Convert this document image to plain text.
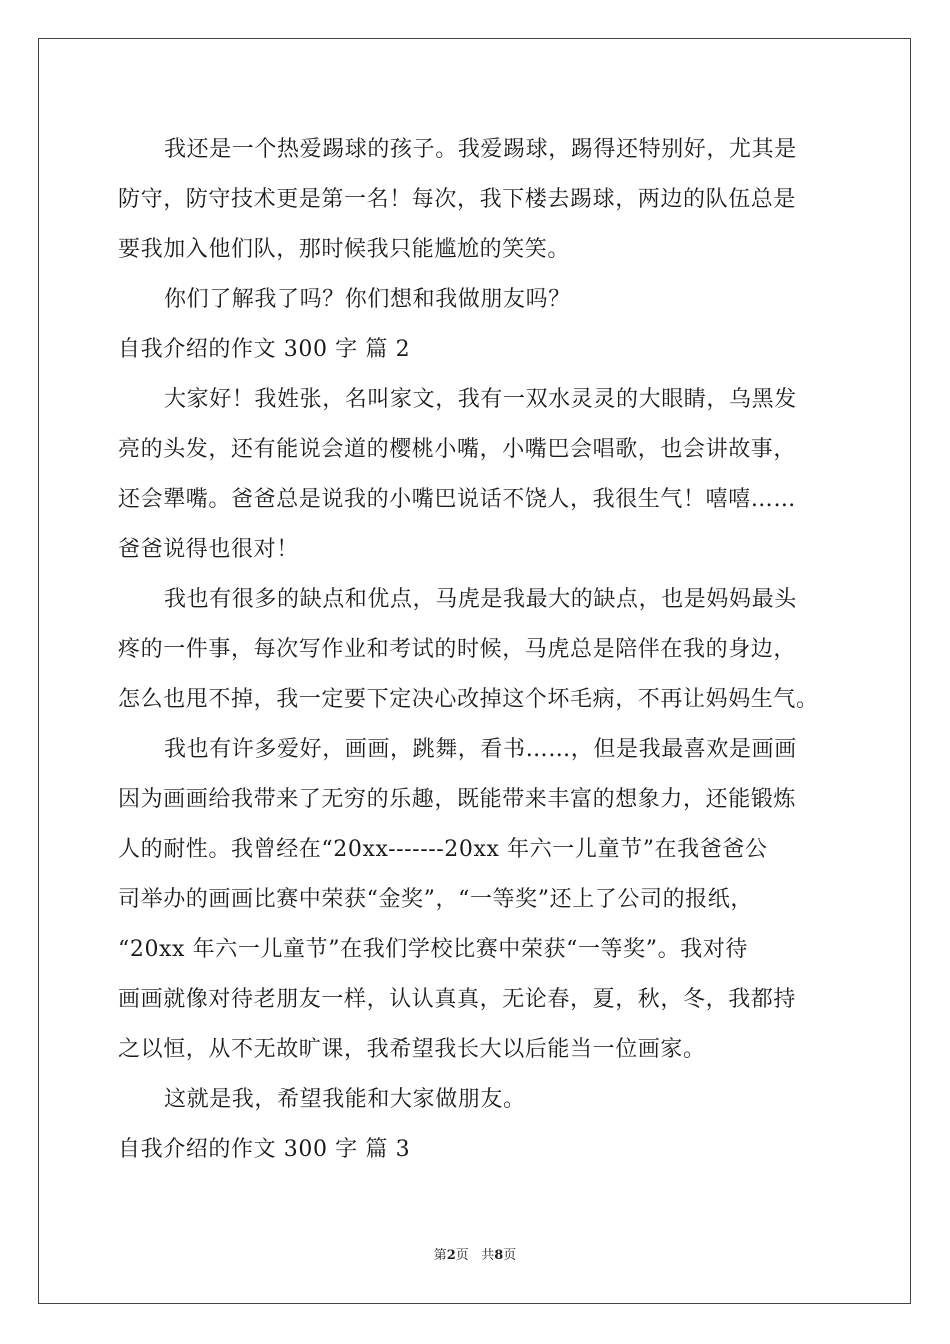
我还是一个热爱踢球的孩子。我爱踢球，踢得还特别好，尤其是
防守，防守技术更是第一名！每次，我下楼去踢球，两边的队伍总是
要我加入他们队，那时候我只能尴尬的笑笑。
你们了解我了吗？你们想和我做朋友吗？
自我介绍的作文 300 字 篇 2
大家好！我姓张，名叫家文，我有一双水灵灵的大眼睛，乌黑发
亮的头发，还有能说会道的樱桃小嘴，小嘴巴会唱歌，也会讲故事，
还会犟嘴。爸爸总是说我的小嘴巴说话不饶人，我很生气！嘻嘻……
爸爸说得也很对！
我也有很多的缺点和优点，马虎是我最大的缺点，也是妈妈最头
疼的一件事，每次写作业和考试的时候，马虎总是陪伴在我的身边，
怎么也甩不掉，我一定要下定决心改掉这个坏毛病，不再让妈妈生气。
我也有许多爱好，画画，跳舞，看书……，但是我最喜欢是画画
因为画画给我带来了无穷的乐趣，既能带来丰富的想象力，还能锻炼
人的耐性。我曾经在“20xx-------20xx 年六一儿童节”在我爸爸公
司举办的画画比赛中荣获“金奖”，“一等奖”还上了公司的报纸，
“20xx 年六一儿童节”在我们学校比赛中荣获“一等奖”。我对待
画画就像对待老朋友一样，认认真真，无论春，夏，秋，冬，我都持
之以恒，从不无故旷课，我希望我长大以后能当一位画家。
这就是我，希望我能和大家做朋友。
自我介绍的作文 300 字 篇 3
第2页 共8页
